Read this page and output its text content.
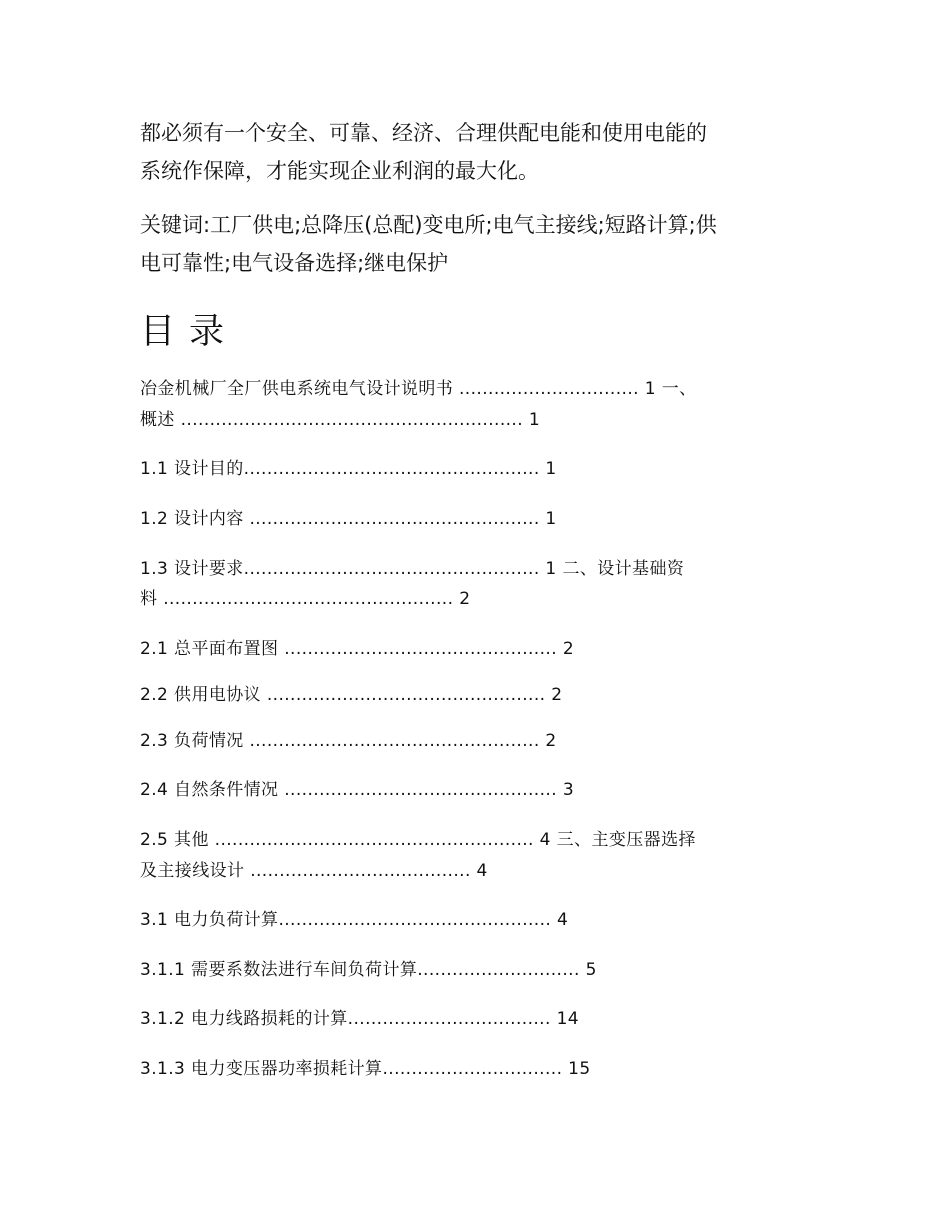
都必须有一个安全、可靠、经济、合理供配电能和使用电能的

系统作保障，才能实现企业利润的最大化。

关键词:工厂供电;总降压(总配)变电所;电气主接线;短路计算;供

电可靠性;电气设备选择;继电保护

目录

冶金机械厂全厂供电系统电气设计说明书 ............................... 1 一、

概述 ........................................................... 1

1.1 设计目的................................................... 1

1.2 设计内容 .................................................. 1

1.3 设计要求................................................... 1 二、设计基础资

料 .................................................. 2

2.1 总平面布置图 ............................................... 2

2.2 供用电协议 ................................................ 2

2.3 负荷情况 .................................................. 2

2.4 自然条件情况 ............................................... 3

2.5 其他 ....................................................... 4 三、主变压器选择

及主接线设计 ...................................... 4

3.1 电力负荷计算............................................... 4

3.1.1 需要系数法进行车间负荷计算............................ 5

3.1.2 电力线路损耗的计算................................... 14

3.1.3 电力变压器功率损耗计算............................... 15
